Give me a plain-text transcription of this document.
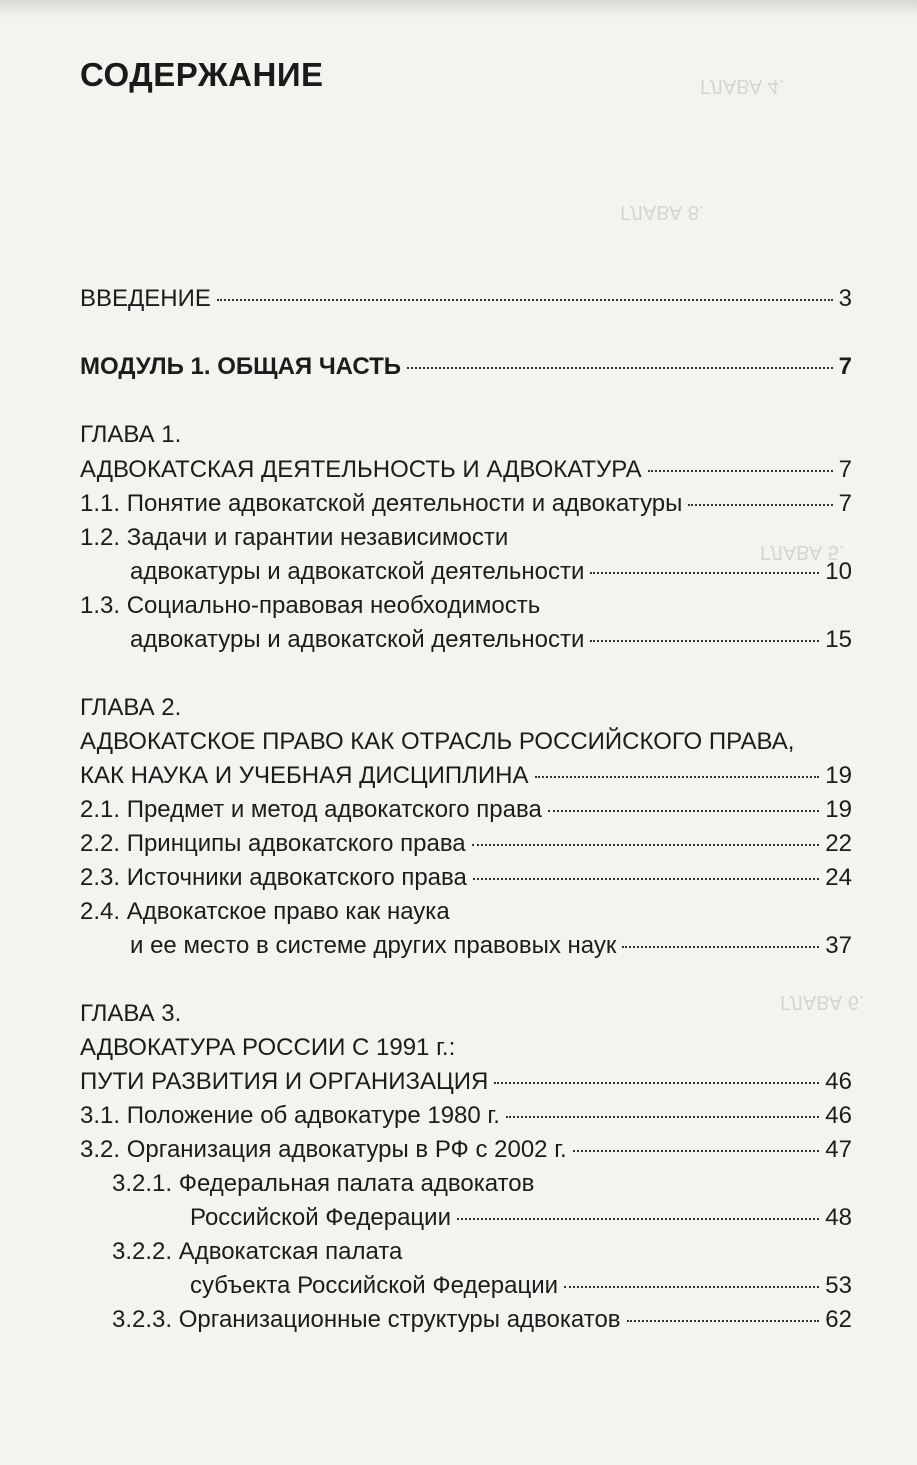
ГЛАВА 4.
ГЛАВА 8.
ГЛАВА 5.
ГЛАВА 6.
СОДЕРЖАНИЕ
ВВЕДЕНИЕ	3
МОДУЛЬ 1. ОБЩАЯ ЧАСТЬ	7
ГЛАВА 1.
АДВОКАТСКАЯ ДЕЯТЕЛЬНОСТЬ И АДВОКАТУРА	7
1.1. Понятие адвокатской деятельности и адвокатуры	7
1.2. Задачи и гарантии независимости
адвокатуры и адвокатской деятельности	10
1.3. Социально-правовая необходимость
адвокатуры и адвокатской деятельности	15
ГЛАВА 2.
АДВОКАТСКОЕ ПРАВО КАК ОТРАСЛЬ РОССИЙСКОГО ПРАВА,
КАК НАУКА И УЧЕБНАЯ ДИСЦИПЛИНА	19
2.1. Предмет и метод адвокатского права	19
2.2. Принципы адвокатского права	22
2.3. Источники адвокатского права	24
2.4. Адвокатское право как наука
и ее место в системе других правовых наук	37
ГЛАВА 3.
АДВОКАТУРА РОССИИ С 1991 г.:
ПУТИ РАЗВИТИЯ И ОРГАНИЗАЦИЯ	46
3.1. Положение об адвокатуре 1980 г.	46
3.2. Организация адвокатуры в РФ с 2002 г.	47
3.2.1. Федеральная палата адвокатов
Российской Федерации	48
3.2.2. Адвокатская палата
субъекта Российской Федерации	53
3.2.3. Организационные структуры адвокатов	62
